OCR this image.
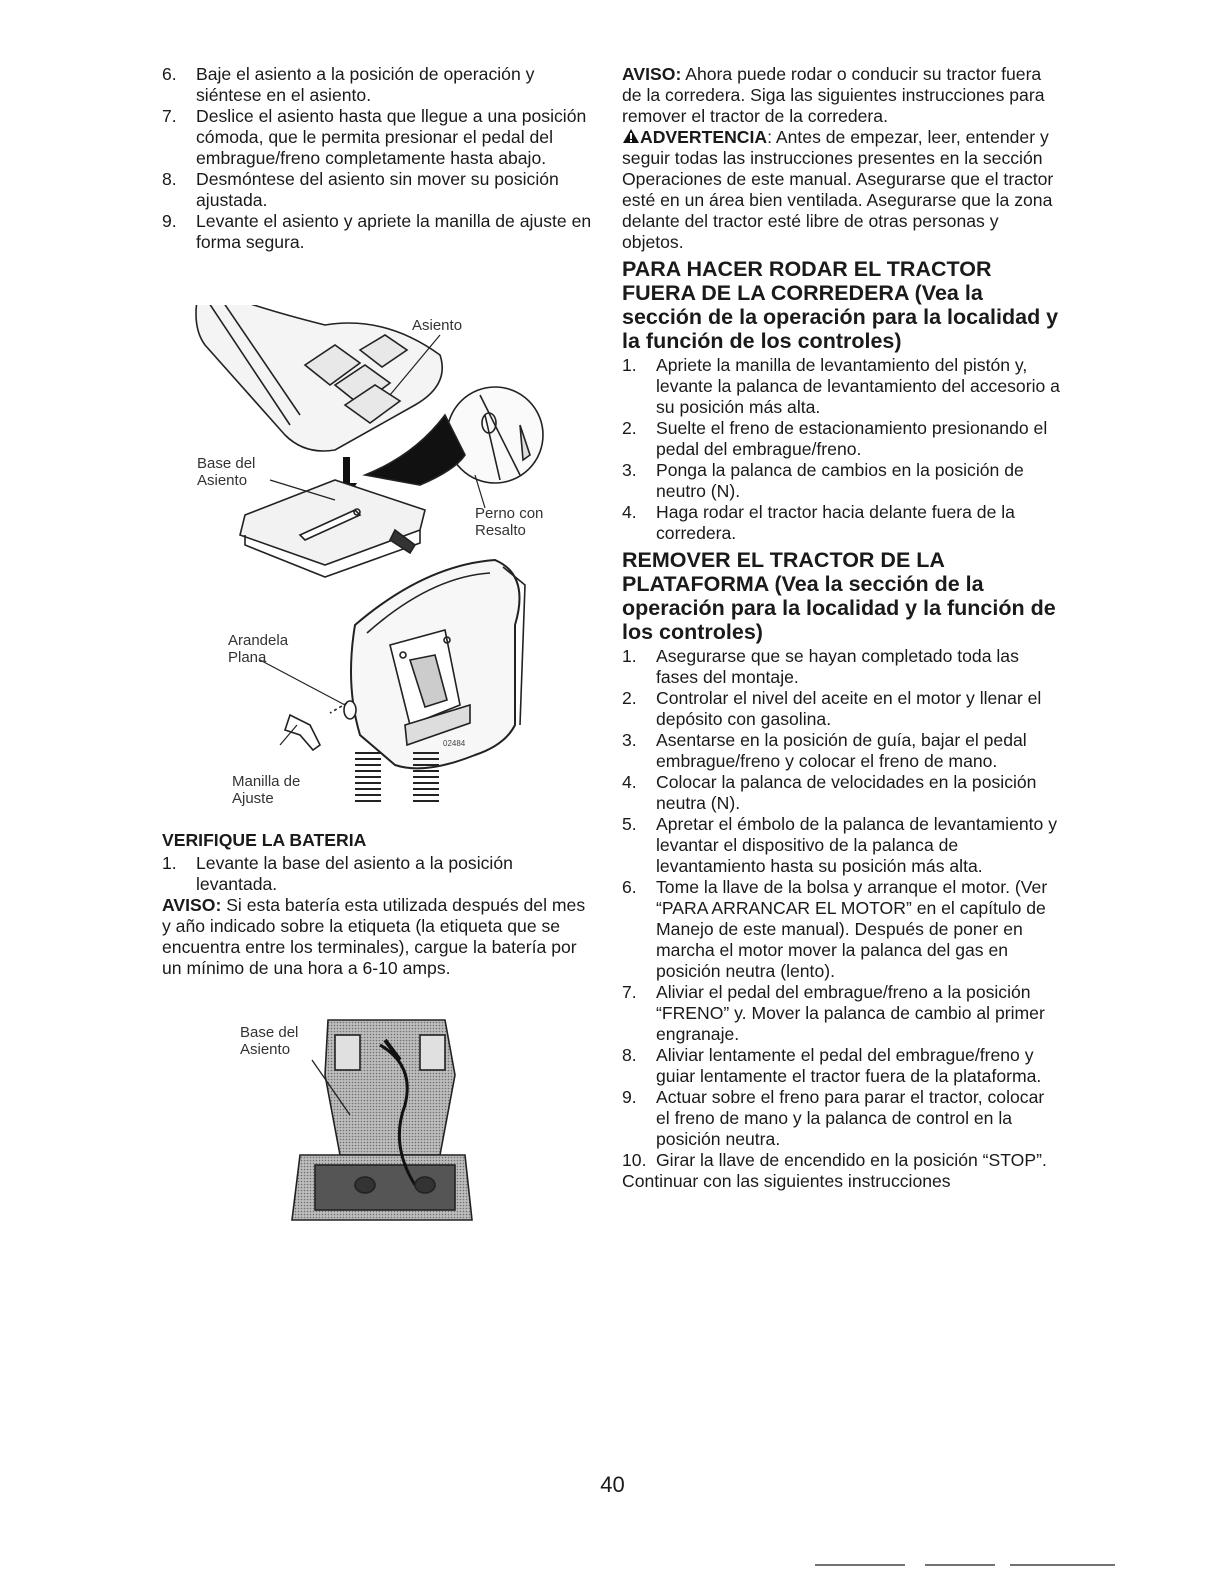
6. Baje el asiento a la posición de operación y siéntese en el asiento.
7. Deslice el asiento hasta que llegue a una posición cómoda, que le permita presionar el pedal del embrague/freno completamente hasta abajo.
8. Desmóntese del asiento sin mover su posición ajustada.
9. Levante el asiento y apriete la manilla de ajuste en forma segura.
02484
Asiento
Base del
Asiento
Perno con
Resalto
Arandela
Plana
Manilla de
Ajuste
VERIFIQUE LA BATERIA
1. Levante la base del asiento a la posición levantada.

AVISO: Si esta batería esta utilizada después del mes y año indicado sobre la etiqueta (la etiqueta que se encuentra entre los terminales), cargue la batería por un mínimo de una hora a 6-10 amps.

Base del
Asiento

AVISO: Ahora puede rodar o conducir su tractor fuera de la corredera. Siga las siguientes instrucciones para remover el tractor de la corredera.

ADVERTENCIA: Antes de empezar, leer, entender y seguir todas las instrucciones presentes en la sección Operaciones de este manual. Asegurarse que el tractor esté en un área bien ventilada. Asegurarse que la zona delante del tractor esté libre de otras personas y objetos.

PARA HACER RODAR EL TRACTOR FUERA DE LA CORREDERA (Vea la sección de la operación para la localidad y la función de los controles)
1. Apriete la manilla de levantamiento del pistón y, levante la palanca de levantamiento del accesorio a su posición más alta.
2. Suelte el freno de estacionamiento presionando el pedal del embrague/freno.
3. Ponga la palanca de cambios en la posición de neutro (N).
4. Haga rodar el tractor hacia delante fuera de la corredera.
REMOVER EL TRACTOR DE LA PLATAFORMA (Vea la sección de la operación para la localidad y la función de los controles)
1. Asegurarse que se hayan completado toda las fases del montaje.
2. Controlar el nivel del aceite en el motor y llenar el depósito con gasolina.
3. Asentarse en la posición de guía, bajar el pedal embrague/freno y colocar el freno de mano.
4. Colocar la palanca de velocidades en la posición neutra (N).
5. Apretar el émbolo de la palanca de levantamiento y levantar el dispositivo de la palanca de levantamiento hasta su posición más alta.
6. Tome la llave de la bolsa y arranque el motor. (Ver “PARA ARRANCAR EL MOTOR” en el capítulo de Manejo de este manual). Después de poner en marcha el motor mover la palanca del gas en posición neutra (lento).
7. Aliviar el pedal del embrague/freno a la posición “FRENO” y. Mover la palanca de cambio al primer engranaje.
8. Aliviar lentamente el pedal del embrague/freno y guiar lentamente el tractor fuera de la plataforma.
9. Actuar sobre el freno para parar el tractor, colocar el freno de mano y la palanca de control en la posición neutra.
10. Girar la llave de encendido en la posición “STOP”.

Continuar con las siguientes instrucciones

40
